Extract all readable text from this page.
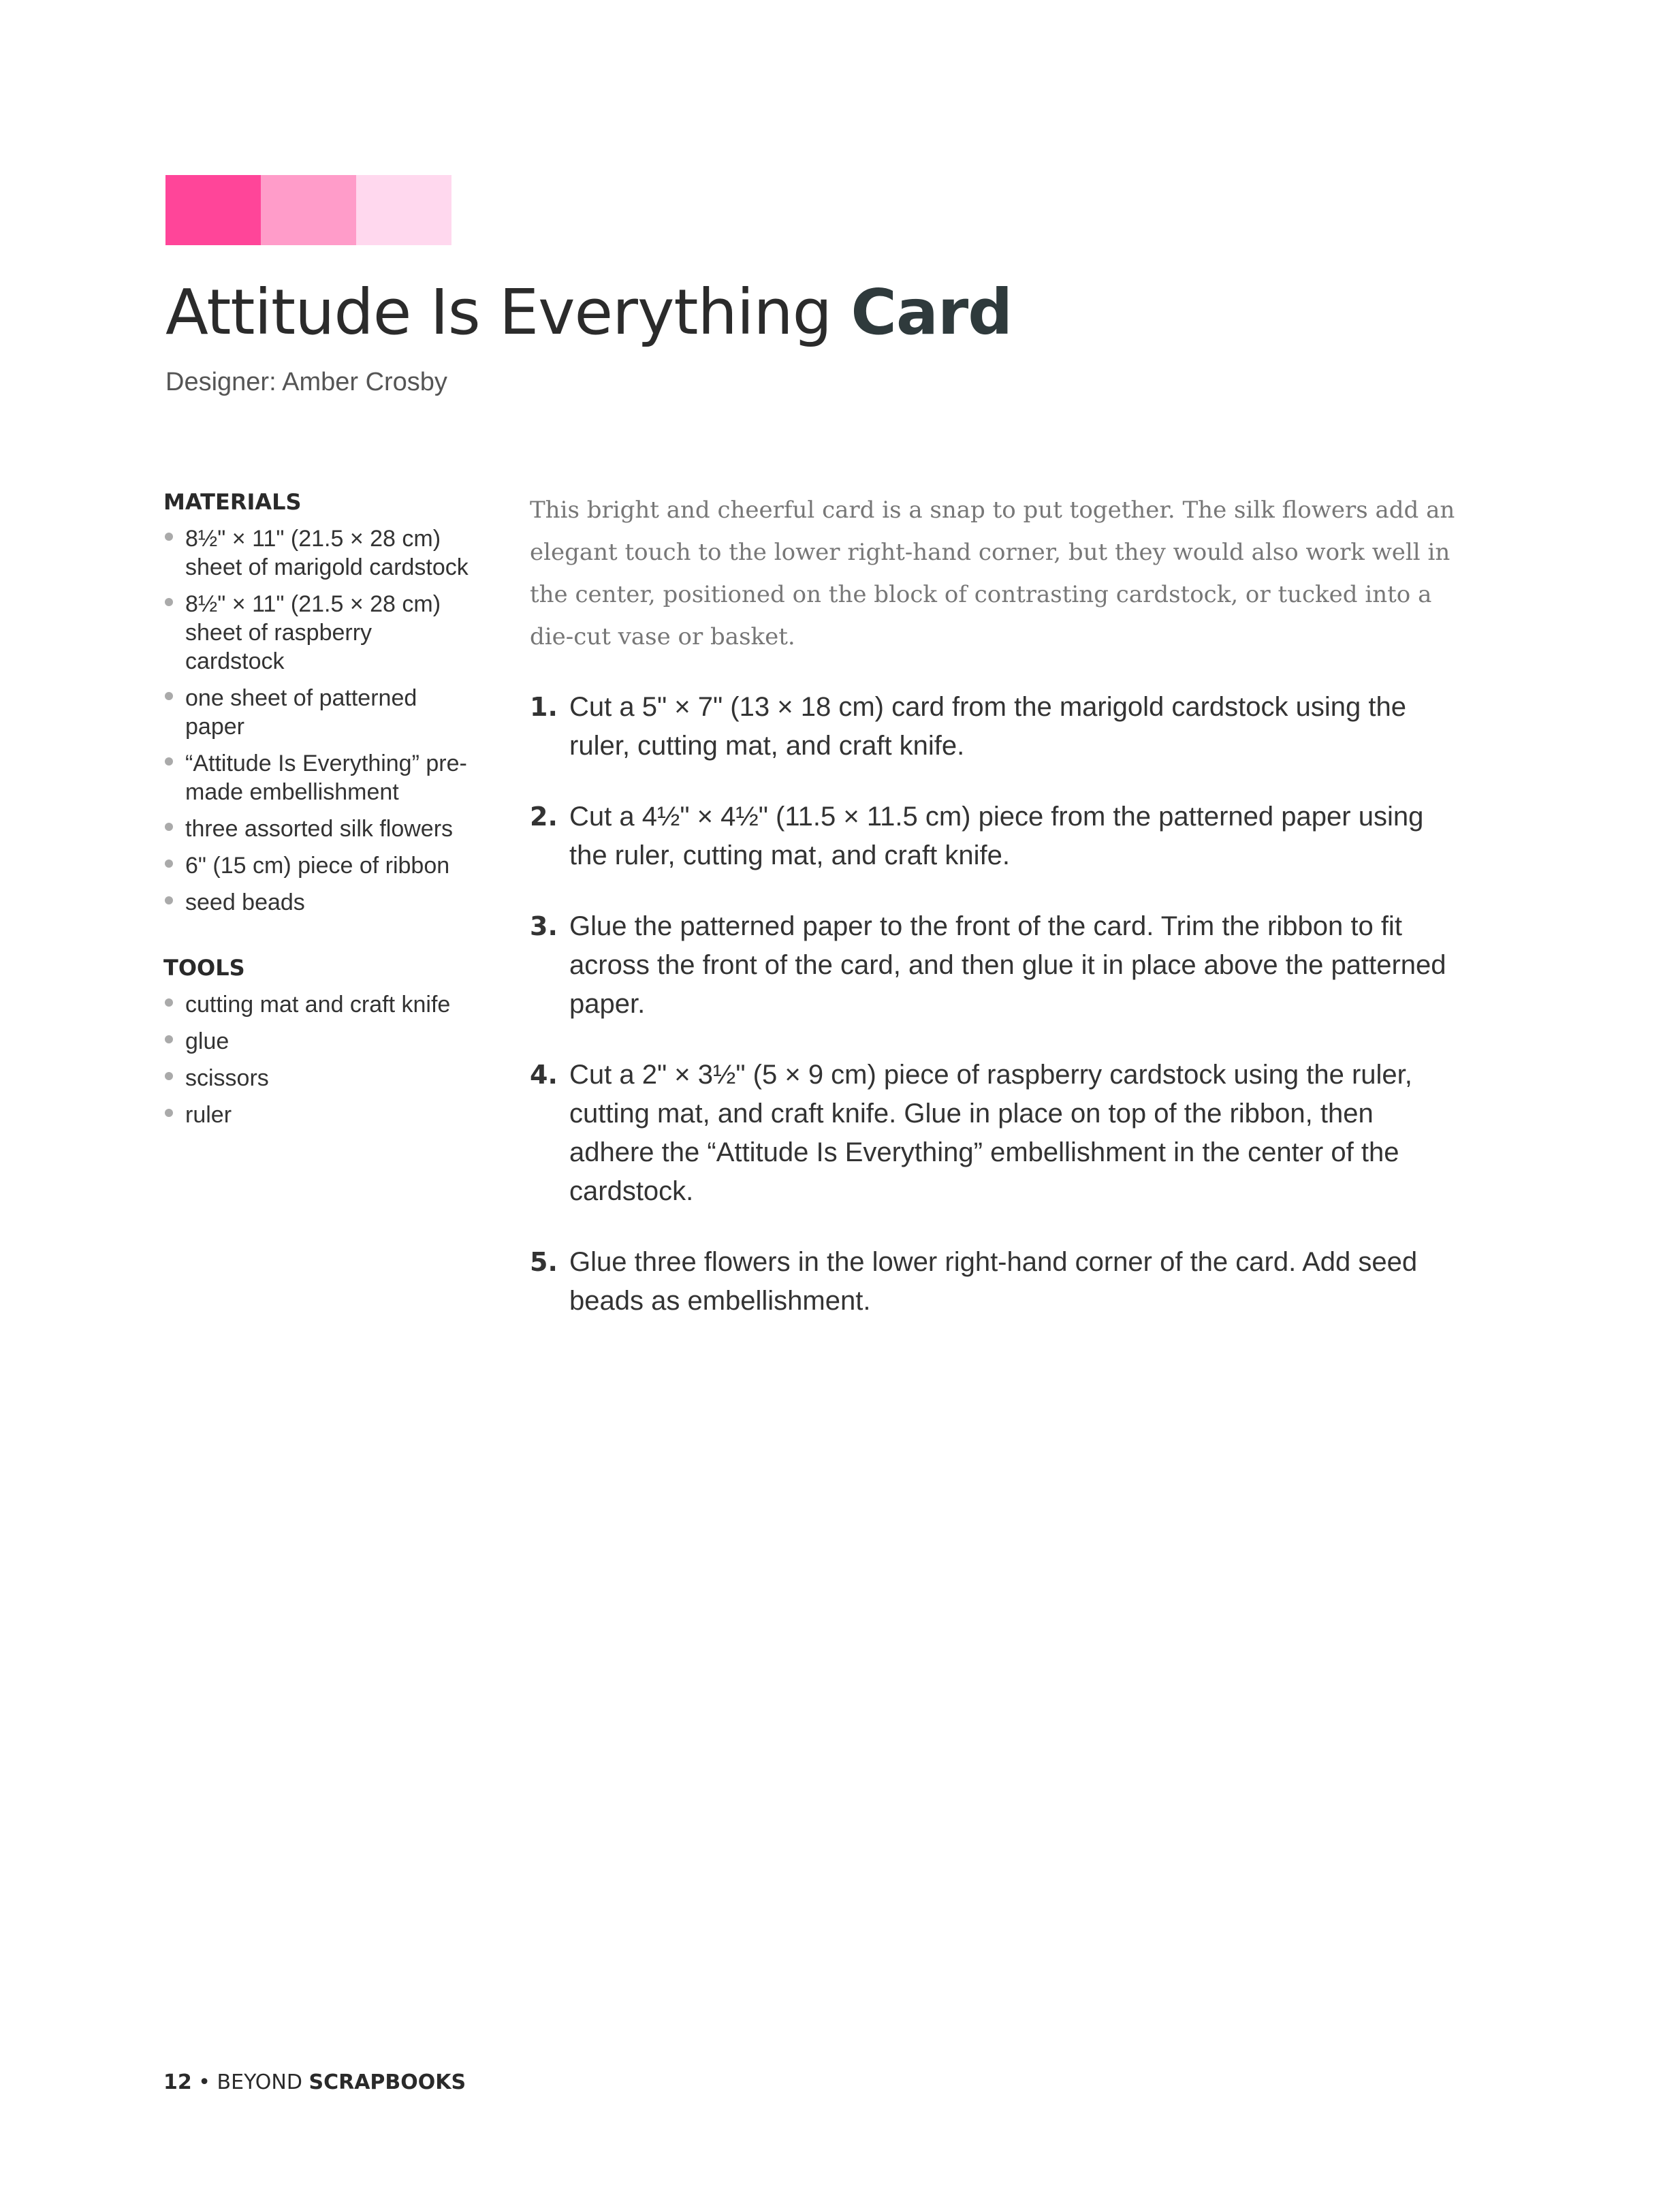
Attitude Is Everything Card
Designer: Amber Crosby
MATERIALS
8½" × 11" (21.5 × 28 cm) sheet of marigold cardstock
8½" × 11" (21.5 × 28 cm) sheet of raspberry cardstock
one sheet of patterned paper
“Attitude Is Everything” pre-made embellishment
three assorted silk flowers
6" (15 cm) piece of ribbon
seed beads
TOOLS
cutting mat and craft knife
glue
scissors
ruler

This bright and cheerful card is a snap to put together. The silk flowers add an elegant touch to the lower right-hand corner, but they would also work well in the center, positioned on the block of contrasting cardstock, or tucked into a die-cut vase or basket.

1. Cut a 5" × 7" (13 × 18 cm) card from the marigold cardstock using the ruler, cutting mat, and craft knife.
2. Cut a 4½" × 4½" (11.5 × 11.5 cm) piece from the patterned paper using the ruler, cutting mat, and craft knife.
3. Glue the patterned paper to the front of the card. Trim the ribbon to fit across the front of the card, and then glue it in place above the patterned paper.
4. Cut a 2" × 3½" (5 × 9 cm) piece of raspberry cardstock using the ruler, cutting mat, and craft knife. Glue in place on top of the ribbon, then adhere the “Attitude Is Everything” embellishment in the center of the cardstock.
5. Glue three flowers in the lower right-hand corner of the card. Add seed beads as embellishment.
12 • BEYOND SCRAPBOOKS
